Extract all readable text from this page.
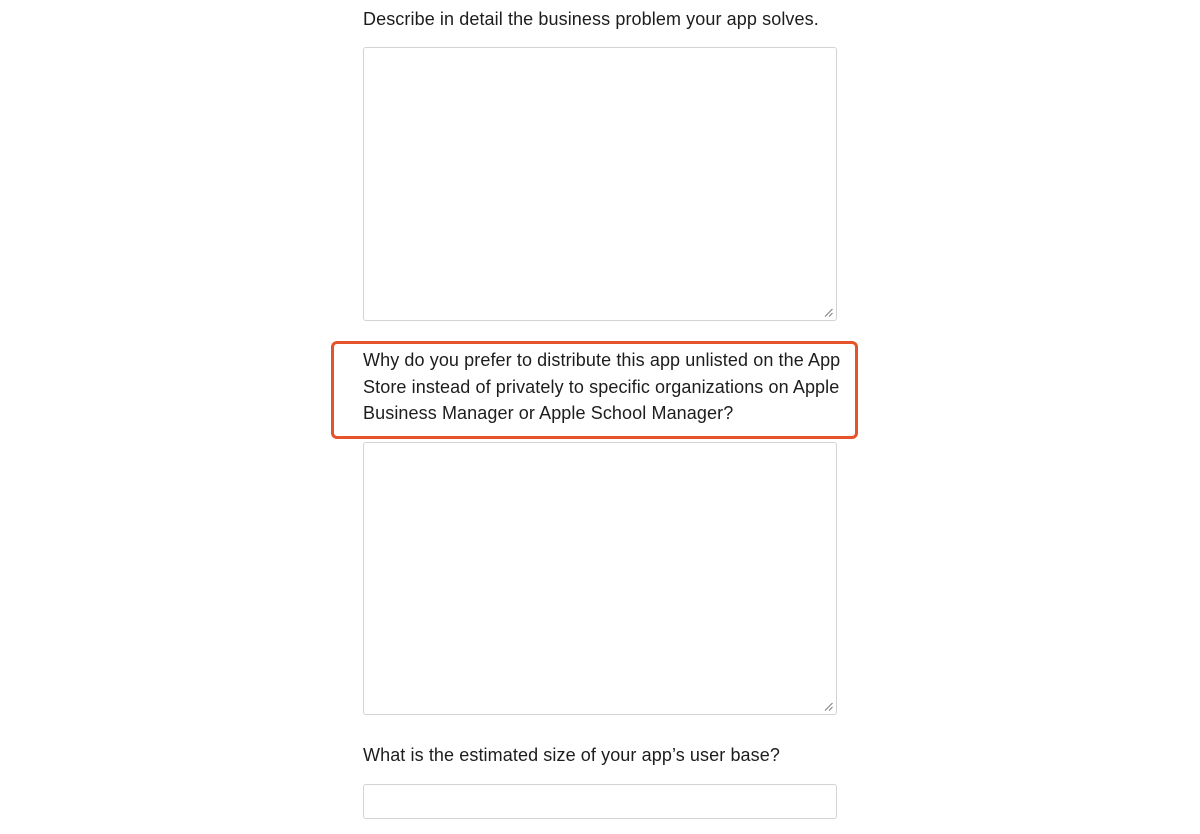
Describe in detail the business problem your app solves.
Why do you prefer to distribute this app unlisted on the App Store instead of privately to specific organizations on Apple Business Manager or Apple School Manager?
What is the estimated size of your app’s user base?
